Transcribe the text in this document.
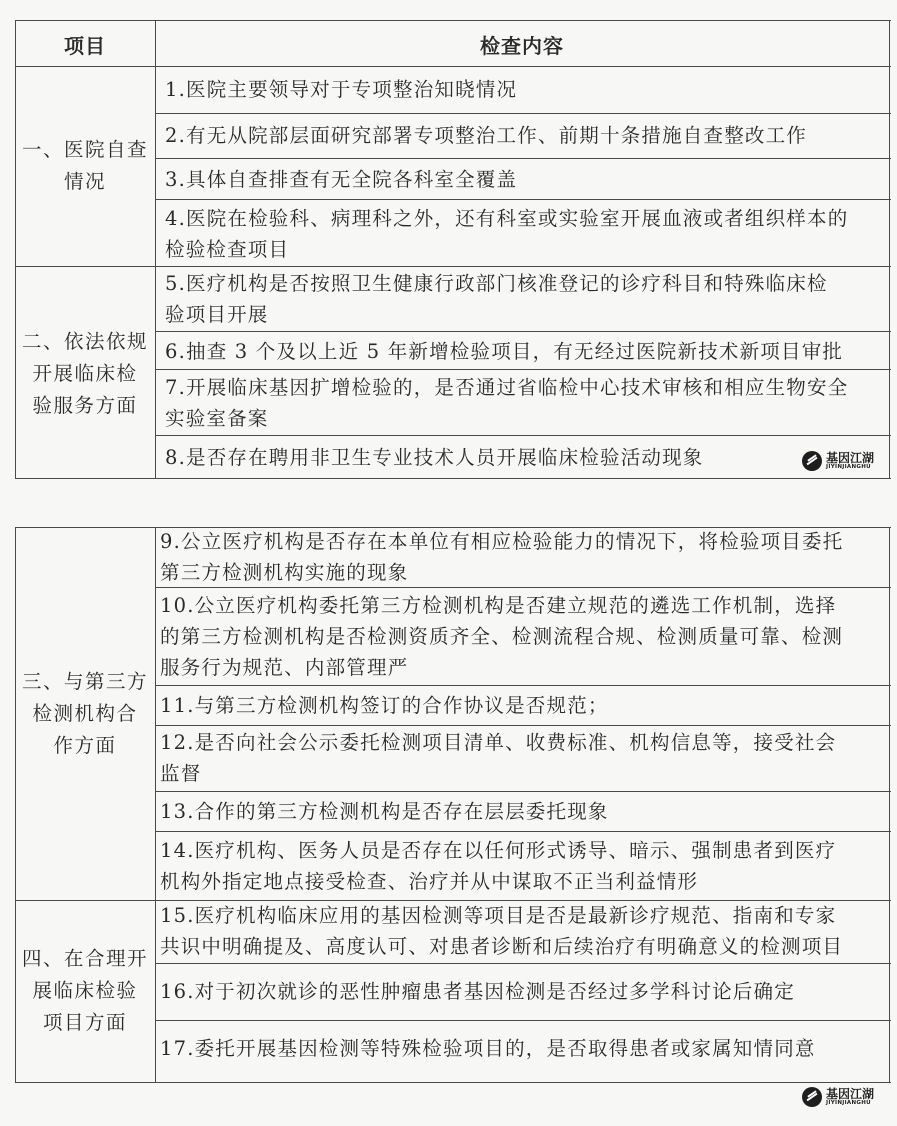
项目	检查内容
一、医院自查
情况
1.医院主要领导对于专项整治知晓情况
2.有无从院部层面研究部署专项整治工作、前期十条措施自查整改工作
3.具体自查排查有无全院各科室全覆盖
4.医院在检验科、病理科之外，还有科室或实验室开展血液或者组织样本的
检验检查项目
二、依法依规
开展临床检
验服务方面
5.医疗机构是否按照卫生健康行政部门核准登记的诊疗科目和特殊临床检
验项目开展
6.抽查 3 个及以上近 5 年新增检验项目，有无经过医院新技术新项目审批
7.开展临床基因扩增检验的，是否通过省临检中心技术审核和相应生物安全
实验室备案
8.是否存在聘用非卫生专业技术人员开展临床检验活动现象
三、与第三方
检测机构合
作方面
9.公立医疗机构是否存在本单位有相应检验能力的情况下，将检验项目委托
第三方检测机构实施的现象
10.公立医疗机构委托第三方检测机构是否建立规范的遴选工作机制，选择
的第三方检测机构是否检测资质齐全、检测流程合规、检测质量可靠、检测
服务行为规范、内部管理严
11.与第三方检测机构签订的合作协议是否规范；
12.是否向社会公示委托检测项目清单、收费标准、机构信息等，接受社会
监督
13.合作的第三方检测机构是否存在层层委托现象
14.医疗机构、医务人员是否存在以任何形式诱导、暗示、强制患者到医疗
机构外指定地点接受检查、治疗并从中谋取不正当利益情形
四、在合理开
展临床检验
项目方面
15.医疗机构临床应用的基因检测等项目是否是最新诊疗规范、指南和专家
共识中明确提及、高度认可、对患者诊断和后续治疗有明确意义的检测项目
16.对于初次就诊的恶性肿瘤患者基因检测是否经过多学科讨论后确定
17.委托开展基因检测等特殊检验项目的，是否取得患者或家属知情同意
基因江湖
JIYINJIANGHU
基因江湖
JIYINJIANGHU
